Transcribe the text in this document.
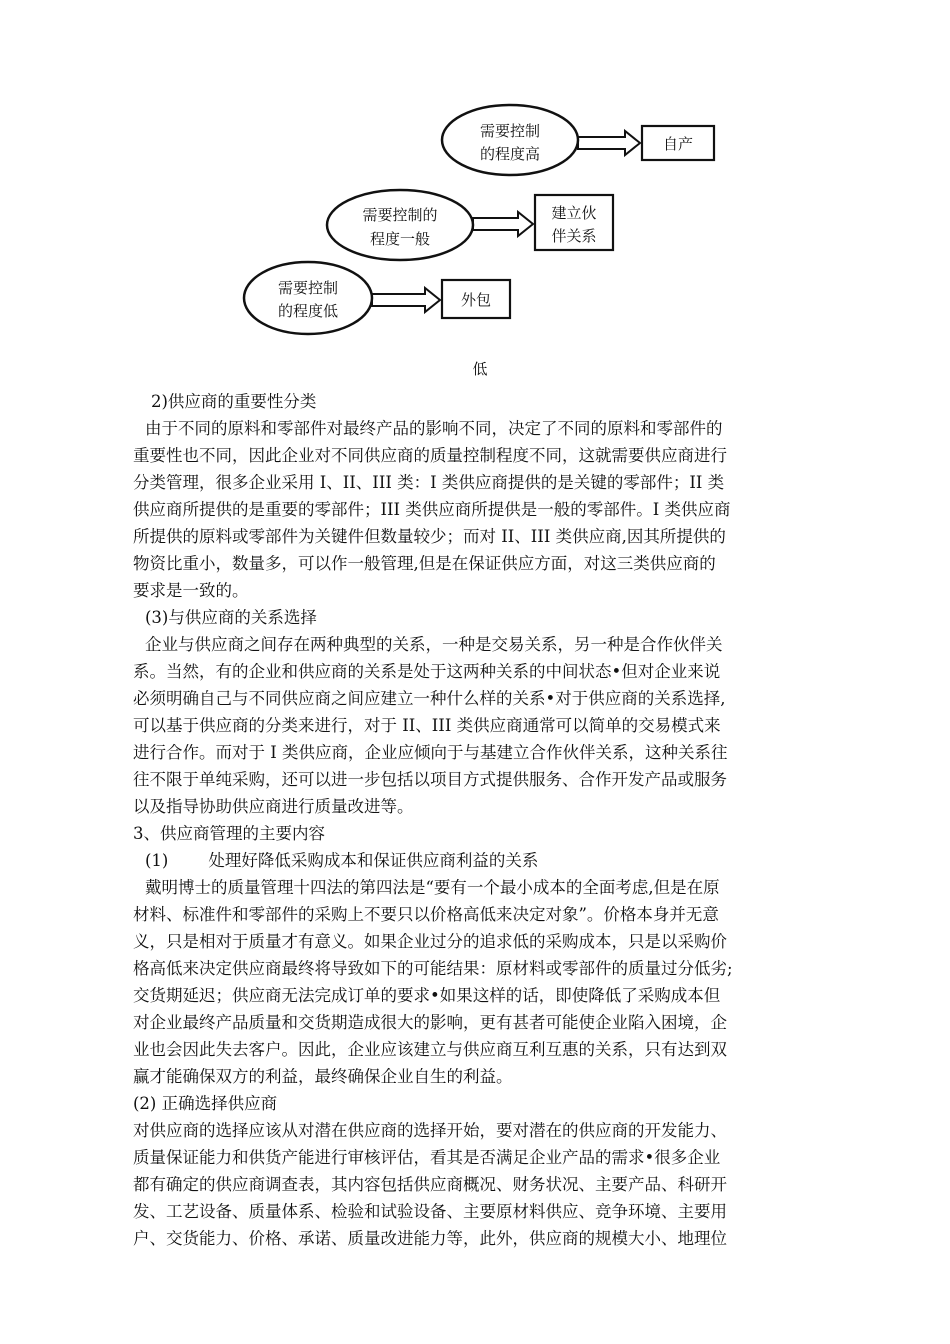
需要控制
的程度高
自产
需要控制的
程度一般
建立伙
伴关系
需要控制
的程度低
外包
低

2)供应商的重要性分类

由于不同的原料和零部件对最终产品的影响不同，决定了不同的原料和零部件的

重要性也不同，因此企业对不同供应商的质量控制程度不同，这就需要供应商进行

分类管理，很多企业采用 I、II、III 类：I 类供应商提供的是关键的零部件；II 类

供应商所提供的是重要的零部件；III 类供应商所提供是一般的零部件。I 类供应商

所提供的原料或零部件为关键件但数量较少；而对 II、III 类供应商,因其所提供的

物资比重小，数量多，可以作一般管理,但是在保证供应方面，对这三类供应商的

要求是一致的。

(3)与供应商的关系选择

企业与供应商之间存在两种典型的关系，一种是交易关系，另一种是合作伙伴关

系。当然，有的企业和供应商的关系是处于这两种关系的中间状态•但对企业来说

必须明确自己与不同供应商之间应建立一种什么样的关系•对于供应商的关系选择,

可以基于供应商的分类来进行，对于 II、III 类供应商通常可以简单的交易模式来

进行合作。而对于 I 类供应商，企业应倾向于与基建立合作伙伴关系，这种关系往

往不限于单纯采购，还可以进一步包括以项目方式提供服务、合作开发产品或服务

以及指导协助供应商进行质量改进等。

3、供应商管理的主要内容

(1) 处理好降低采购成本和保证供应商利益的关系

戴明博士的质量管理十四法的第四法是“要有一个最小成本的全面考虑,但是在原

材料、标准件和零部件的采购上不要只以价格高低来决定对象”。价格本身并无意

义，只是相对于质量才有意义。如果企业过分的追求低的采购成本，只是以采购价

格高低来决定供应商最终将导致如下的可能结果：原材料或零部件的质量过分低劣;

交货期延迟；供应商无法完成订单的要求•如果这样的话，即使降低了采购成本但

对企业最终产品质量和交货期造成很大的影响，更有甚者可能使企业陷入困境，企

业也会因此失去客户。因此，企业应该建立与供应商互利互惠的关系，只有达到双

赢才能确保双方的利益，最终确保企业自生的利益。

(2) 正确选择供应商

对供应商的选择应该从对潜在供应商的选择开始，要对潜在的供应商的开发能力、

质量保证能力和供货产能进行审核评估，看其是否满足企业产品的需求•很多企业

都有确定的供应商调查表，其内容包括供应商概况、财务状况、主要产品、科研开

发、工艺设备、质量体系、检验和试验设备、主要原材料供应、竞争环境、主要用

户、交货能力、价格、承诺、质量改进能力等，此外，供应商的规模大小、地理位
